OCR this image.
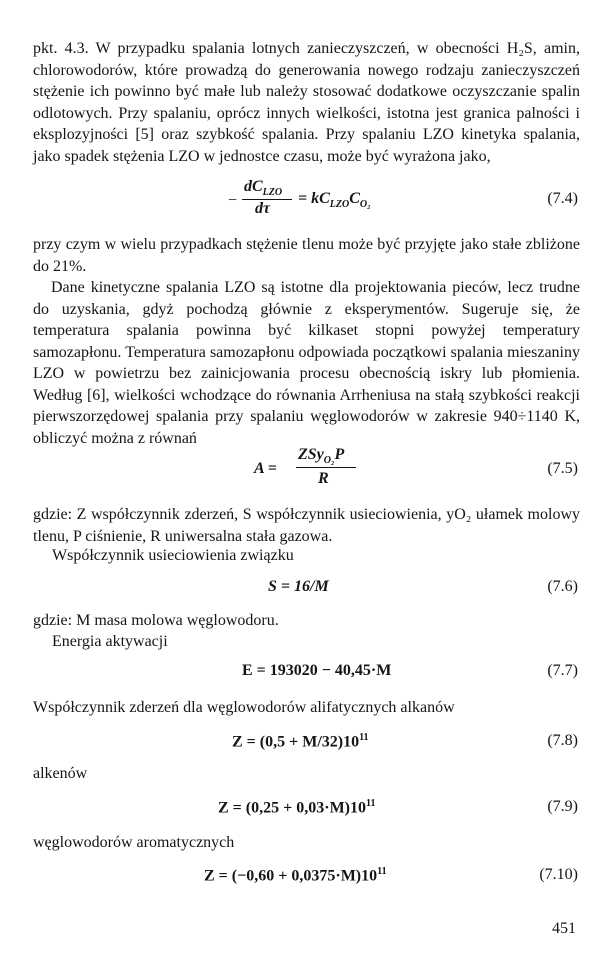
pkt. 4.3. W przypadku spalania lotnych zanieczyszczeń, w obecności H₂S, amin, chlorowodorów, które prowadzą do generowania nowego rodzaju zanieczyszczeń stężenie ich powinno być małe lub należy stosować dodatkowe oczyszczanie spalin odlotowych. Przy spalaniu, oprócz innych wielkości, istotna jest granica palności i eksplozyjności [5] oraz szybkość spalania. Przy spalaniu LZO kinetyka spalania, jako spadek stężenia LZO w jednostce czasu, może być wyrażona jako,

−
$dC_{LZO}$
dτ
= $kC_{LZO}C_{O_2}$	(7.4)

przy czym w wielu przypadkach stężenie tlenu może być przyjęte jako stałe zbliżone do 21%.

Dane kinetyczne spalania LZO są istotne dla projektowania pieców, lecz trudne do uzyskania, gdyż pochodzą głównie z eksperymentów. Sugeruje się, że temperatura spalania powinna być kilkaset stopni powyżej temperatury samozapłonu. Temperatura samozapłonu odpowiada początkowi spalania mieszaniny LZO w powietrzu bez zainicjowania procesu obecnością iskry lub płomienia. Według [6], wielkości wchodzące do równania Arrheniusa na stałą szybkości reakcji pierwszorzędowej spalania przy spalaniu węglowodorów w zakresie 940÷1140 K, obliczyć można z równań

A =
ZSy$_{O_2}$P
R
(7.5)

gdzie: Z współczynnik zderzeń, S współczynnik usieciowienia, yO₂ ułamek molowy tlenu, P ciśnienie, R uniwersalna stała gazowa.

Współczynnik usieciowienia związku
S = 16/M	(7.6)
gdzie: M masa molowa węglowodoru.
Energia aktywacji
E = 193020 − 40,45·M	(7.7)
Współczynnik zderzeń dla węglowodorów alifatycznych alkanów
$Z = (0,5 + M/32)10^{11}$	(7.8)
alkenów
$Z = (0,25 + 0,03\cdot M)10^{11}$	(7.9)
węglowodorów aromatycznych
$Z = (-0,60 + 0,0375\cdot M)10^{11}$	(7.10)
451
